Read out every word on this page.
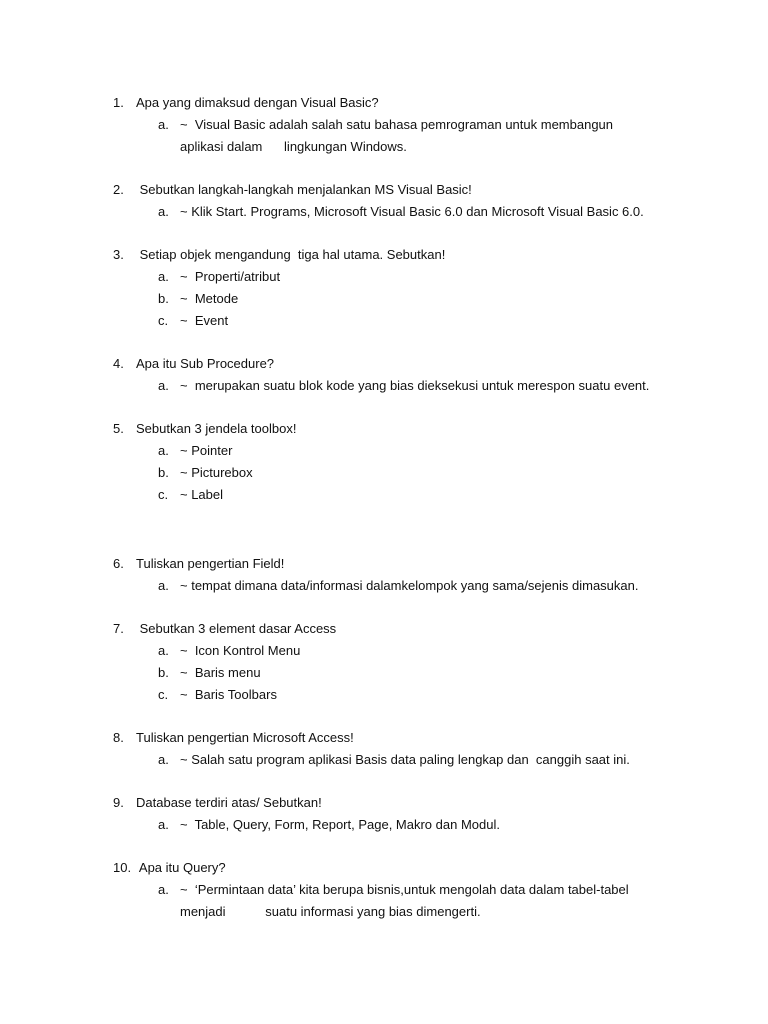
1. Apa yang dimaksud dengan Visual Basic?
a. ~  Visual Basic adalah salah satu bahasa pemrograman untuk membangun
aplikasi dalam      lingkungan Windows.
2. Sebutkan langkah-langkah menjalankan MS Visual Basic!
a. ~ Klik Start. Programs, Microsoft Visual Basic 6.0 dan Microsoft Visual Basic 6.0.
3. Setiap objek mengandung  tiga hal utama. Sebutkan!
a. ~  Properti/atribut
b. ~  Metode
c. ~  Event
4. Apa itu Sub Procedure?
a. ~  merupakan suatu blok kode yang bias dieksekusi untuk merespon suatu event.
5. Sebutkan 3 jendela toolbox!
a. ~ Pointer
b. ~ Picturebox
c. ~ Label
6. Tuliskan pengertian Field!
a. ~ tempat dimana data/informasi dalamkelompok yang sama/sejenis dimasukan.
7. Sebutkan 3 element dasar Access
a. ~  Icon Kontrol Menu
b. ~  Baris menu
c. ~  Baris Toolbars
8. Tuliskan pengertian Microsoft Access!
a. ~ Salah satu program aplikasi Basis data paling lengkap dan  canggih saat ini.
9. Database terdiri atas/ Sebutkan!
a. ~  Table, Query, Form, Report, Page, Makro dan Modul.
10. Apa itu Query?
a. ~  ‘Permintaan data’ kita berupa bisnis,untuk mengolah data dalam tabel-tabel
menjadi           suatu informasi yang bias dimengerti.
